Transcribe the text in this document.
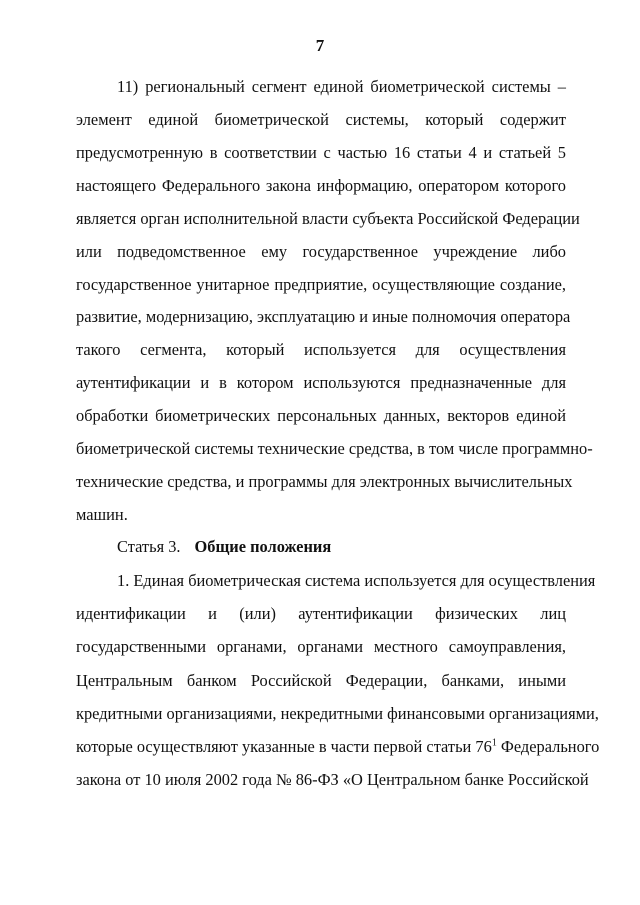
7
11) региональный сегмент единой биометрической системы –
элемент единой биометрической системы, который содержит
предусмотренную в соответствии с частью 16 статьи 4 и статьей 5
настоящего Федерального закона информацию, оператором которого
является орган исполнительной власти субъекта Российской Федерации
или подведомственное ему государственное учреждение либо
государственное унитарное предприятие, осуществляющие создание,
развитие, модернизацию, эксплуатацию и иные полномочия оператора
такого сегмента, который используется для осуществления
аутентификации и в котором используются предназначенные для
обработки биометрических персональных данных, векторов единой
биометрической системы технические средства, в том числе программно-
технические средства, и программы для электронных вычислительных
машин.
Статья 3. Общие положения
1. Единая биометрическая система используется для осуществления
идентификации и (или) аутентификации физических лиц
государственными органами, органами местного самоуправления,
Центральным банком Российской Федерации, банками, иными
кредитными организациями, некредитными финансовыми организациями,
которые осуществляют указанные в части первой статьи $76^1$ Федерального
закона от 10 июля 2002 года № 86-ФЗ «О Центральном банке Российской
